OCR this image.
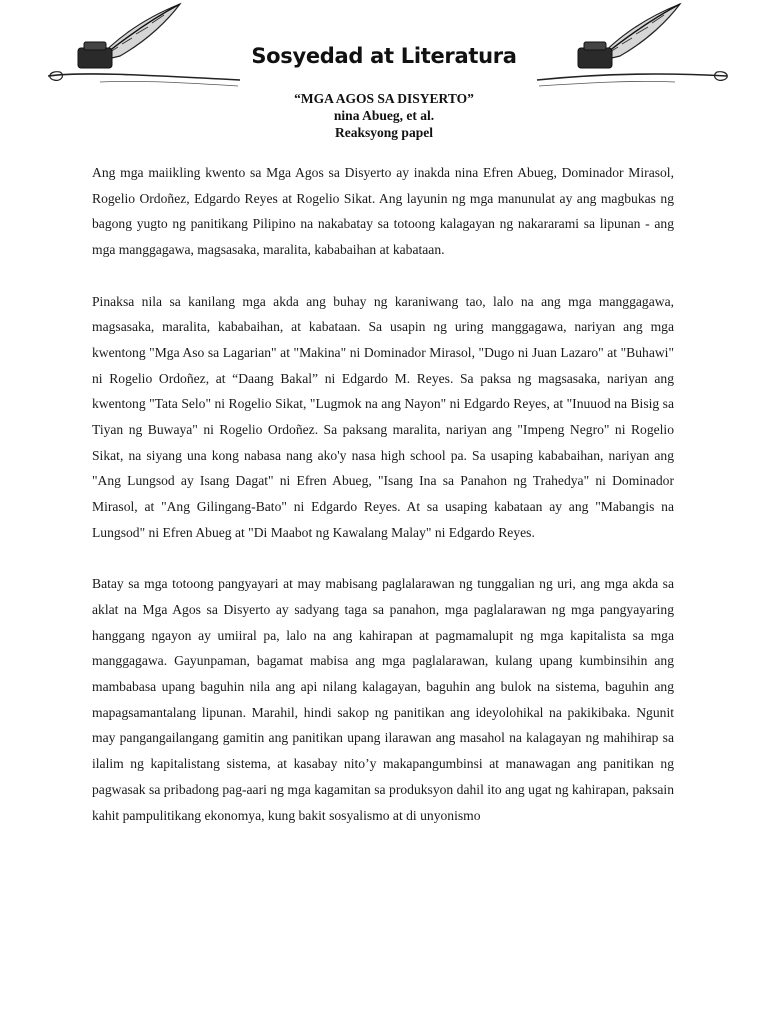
Sosyedad at Literatura
“MGA AGOS SA DISYERTO”
nina Abueg, et al.
Reaksyong papel

Ang mga maiikling kwento sa Mga Agos sa Disyerto ay inakda nina Efren Abueg, Dominador Mirasol, Rogelio Ordoñez, Edgardo Reyes at Rogelio Sikat. Ang layunin ng mga manunulat ay ang magbukas ng bagong yugto ng panitikang Pilipino na nakabatay sa totoong kalagayan ng nakararami sa lipunan - ang mga manggagawa, magsasaka, maralita, kababaihan at kabataan.

Pinaksa nila sa kanilang mga akda ang buhay ng karaniwang tao, lalo na ang mga manggagawa, magsasaka, maralita, kababaihan, at kabataan. Sa usapin ng uring manggagawa, nariyan ang mga kwentong "Mga Aso sa Lagarian" at "Makina" ni Dominador Mirasol, "Dugo ni Juan Lazaro" at "Buhawi" ni Rogelio Ordoñez, at “Daang Bakal” ni Edgardo M. Reyes. Sa paksa ng magsasaka, nariyan ang kwentong "Tata Selo" ni Rogelio Sikat, "Lugmok na ang Nayon" ni Edgardo Reyes, at "Inuuod na Bisig sa Tiyan ng Buwaya" ni Rogelio Ordoñez. Sa paksang maralita, nariyan ang "Impeng Negro" ni Rogelio Sikat, na siyang una kong nabasa nang ako'y nasa high school pa. Sa usaping kababaihan, nariyan ang "Ang Lungsod ay Isang Dagat" ni Efren Abueg, "Isang Ina sa Panahon ng Trahedya" ni Dominador Mirasol, at "Ang Gilingang-Bato" ni Edgardo Reyes. At sa usaping kabataan ay ang "Mabangis na Lungsod" ni Efren Abueg at "Di Maabot ng Kawalang Malay" ni Edgardo Reyes.

Batay sa mga totoong pangyayari at may mabisang paglalarawan ng tunggalian ng uri, ang mga akda sa aklat na Mga Agos sa Disyerto ay sadyang taga sa panahon, mga paglalarawan ng mga pangyayaring hanggang ngayon ay umiiral pa, lalo na ang kahirapan at pagmamalupit ng mga kapitalista sa mga manggagawa. Gayunpaman, bagamat mabisa ang mga paglalarawan, kulang upang kumbinsihin ang mambabasa upang baguhin nila ang api nilang kalagayan, baguhin ang bulok na sistema, baguhin ang mapagsamantalang lipunan. Marahil, hindi sakop ng panitikan ang ideyolohikal na pakikibaka. Ngunit may pangangailangang gamitin ang panitikan upang ilarawan ang masahol na kalagayan ng mahihirap sa ilalim ng kapitalistang sistema, at kasabay nito’y makapangumbinsi at manawagan ang panitikan ng pagwasak sa pribadong pag-aari ng mga kagamitan sa produksyon dahil ito ang ugat ng kahirapan, paksain kahit pampulitikang ekonomya, kung bakit sosyalismo at di unyonismo
